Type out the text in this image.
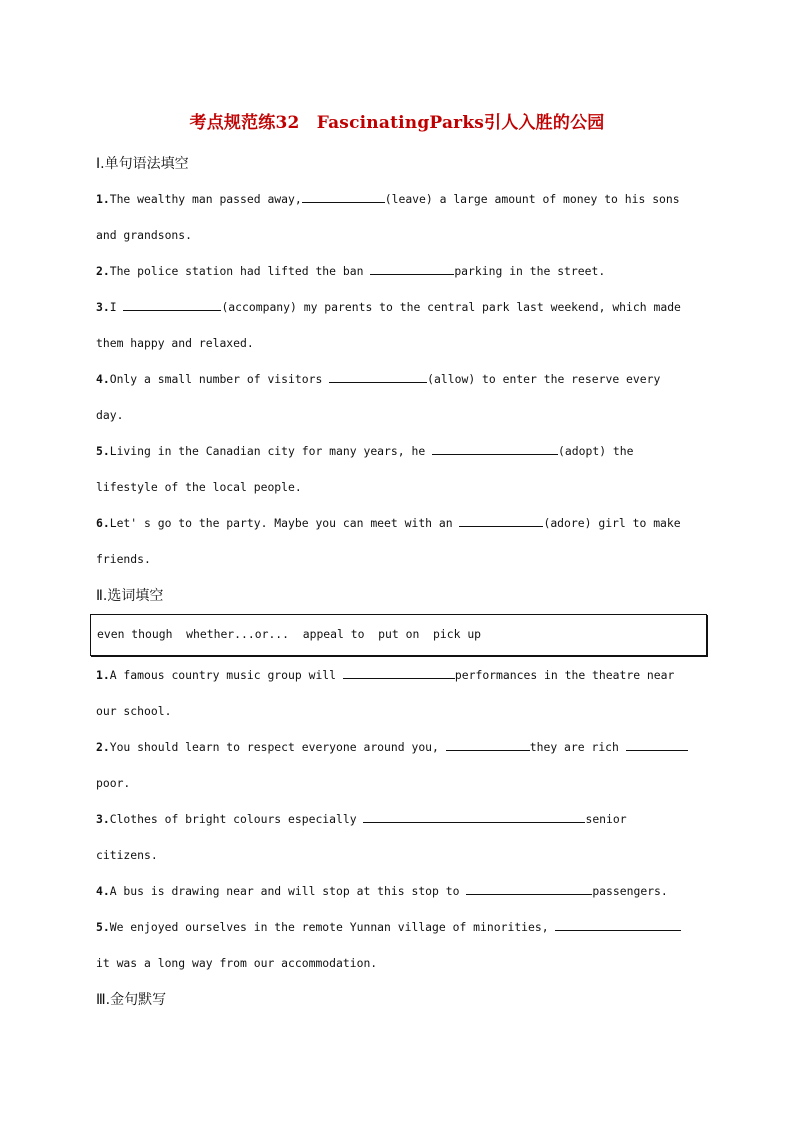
考点规范练32　FascinatingParks引人入胜的公园
Ⅰ.单句语法填空
1.The wealthy man passed away,	(leave) a large amount of money to his sons
and grandsons.
2.The police station had lifted the ban	parking in the street.
3.I	(accompany) my parents to the central park last weekend, which made
them happy and relaxed.
4.Only a small number of visitors	(allow) to enter the reserve every
day.
5.Living in the Canadian city for many years, he	(adopt) the
lifestyle of the local people.
6.Let' s go to the party. Maybe you can meet with an	(adore) girl to make
friends.
Ⅱ.选词填空
even though  whether...or...  appeal to  put on  pick up
1.A famous country music group will	performances in the theatre near
our school.
2.You should learn to respect everyone around you,	they are rich
poor.
3.Clothes of bright colours especially	senior
citizens.
4.A bus is drawing near and will stop at this stop to	passengers.
5.We enjoyed ourselves in the remote Yunnan village of minorities,
it was a long way from our accommodation.
Ⅲ.金句默写
